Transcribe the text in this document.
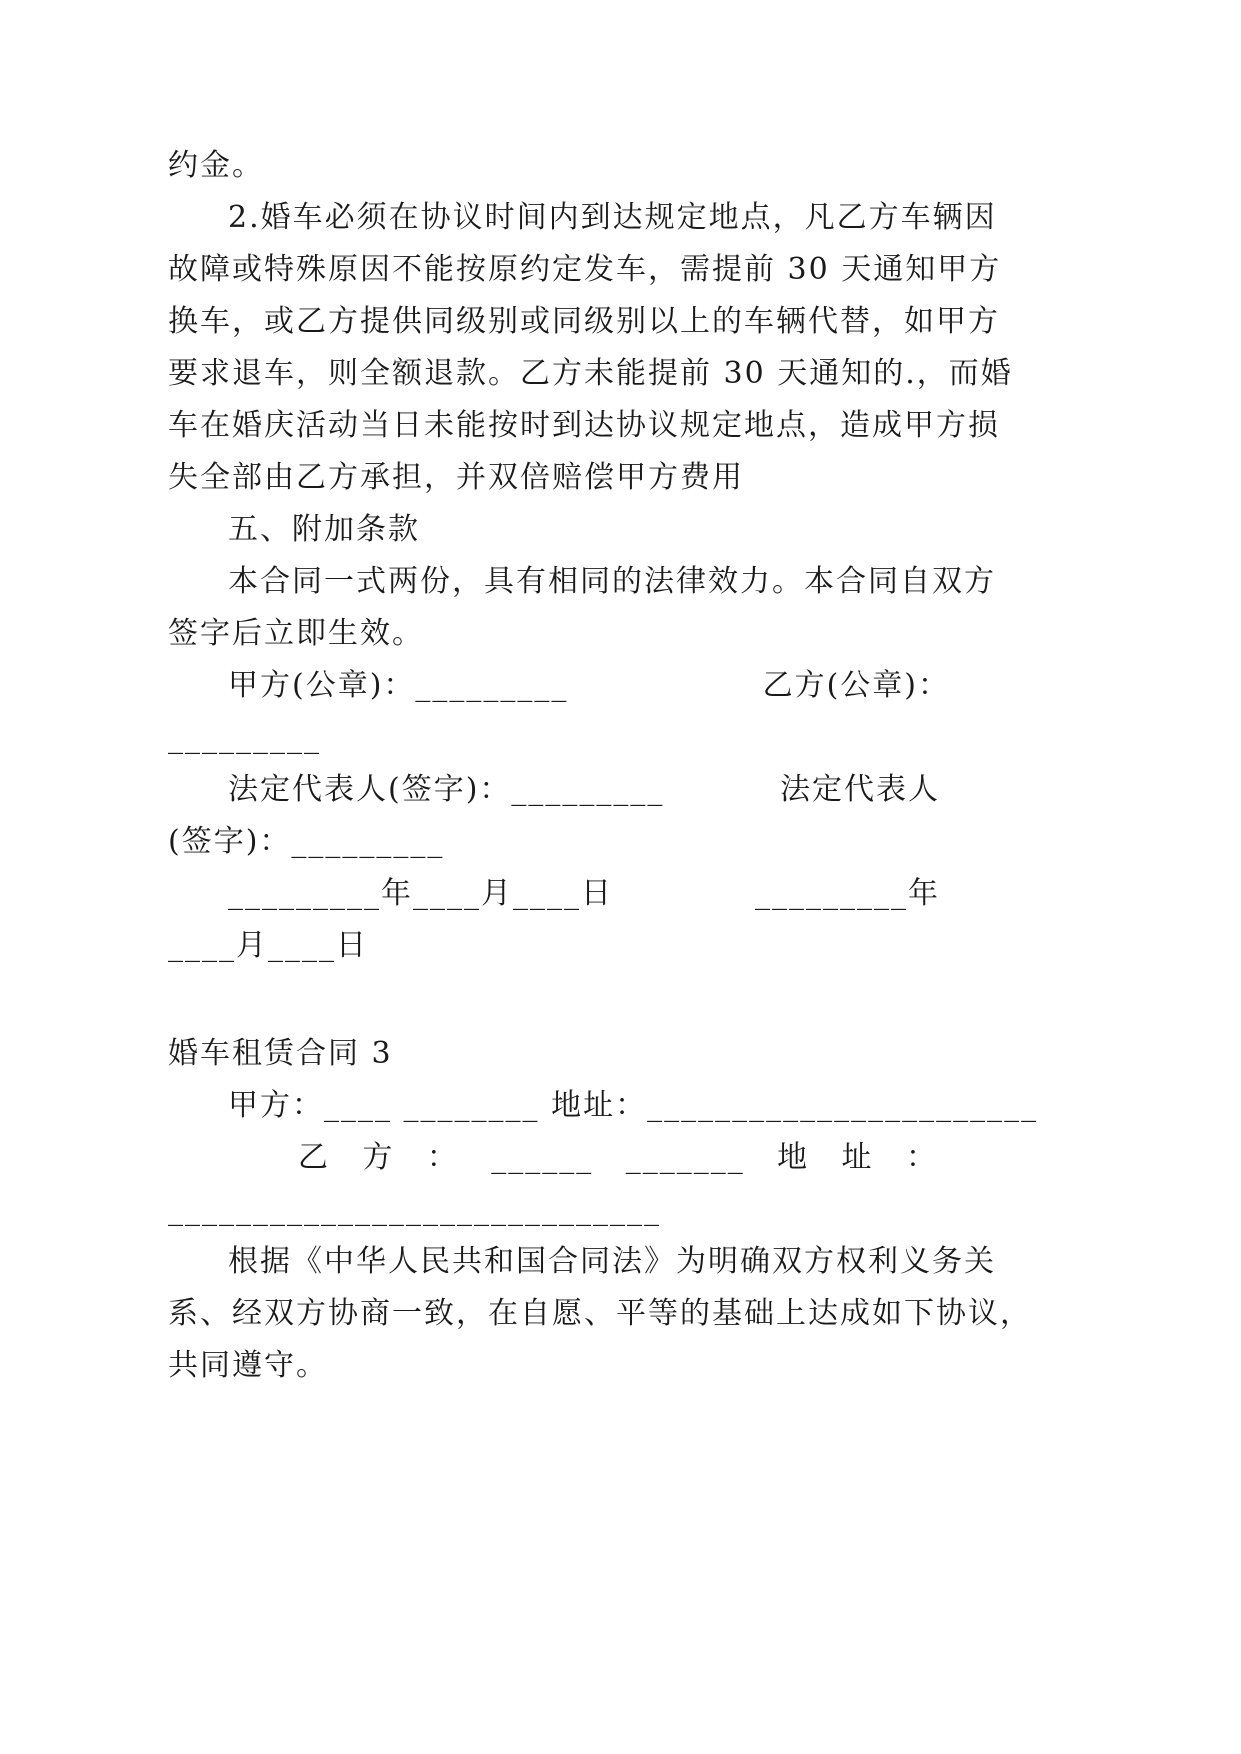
约金。
2.婚车必须在协议时间内到达规定地点，凡乙方车辆因
故障或特殊原因不能按原约定发车，需提前 30 天通知甲方
换车，或乙方提供同级别或同级别以上的车辆代替，如甲方
要求退车，则全额退款。乙方未能提前 30 天通知的.，而婚
车在婚庆活动当日未能按时到达协议规定地点，造成甲方损
失全部由乙方承担，并双倍赔偿甲方费用
五、附加条款
本合同一式两份，具有相同的法律效力。本合同自双方
签字后立即生效。
甲方(公章)：_________	乙方(公章)：
_________
法定代表人(签字)：_________	法定代表人
(签字)：_________
_________年____月____日	_________年
____月____日
婚车租赁合同 3
甲方：____ ________ 地址：_______________________
乙 方 ： ______ _______ 地 址 ：
_____________________________
根据《中华人民共和国合同法》为明确双方权利义务关
系、经双方协商一致，在自愿、平等的基础上达成如下协议，
共同遵守。
